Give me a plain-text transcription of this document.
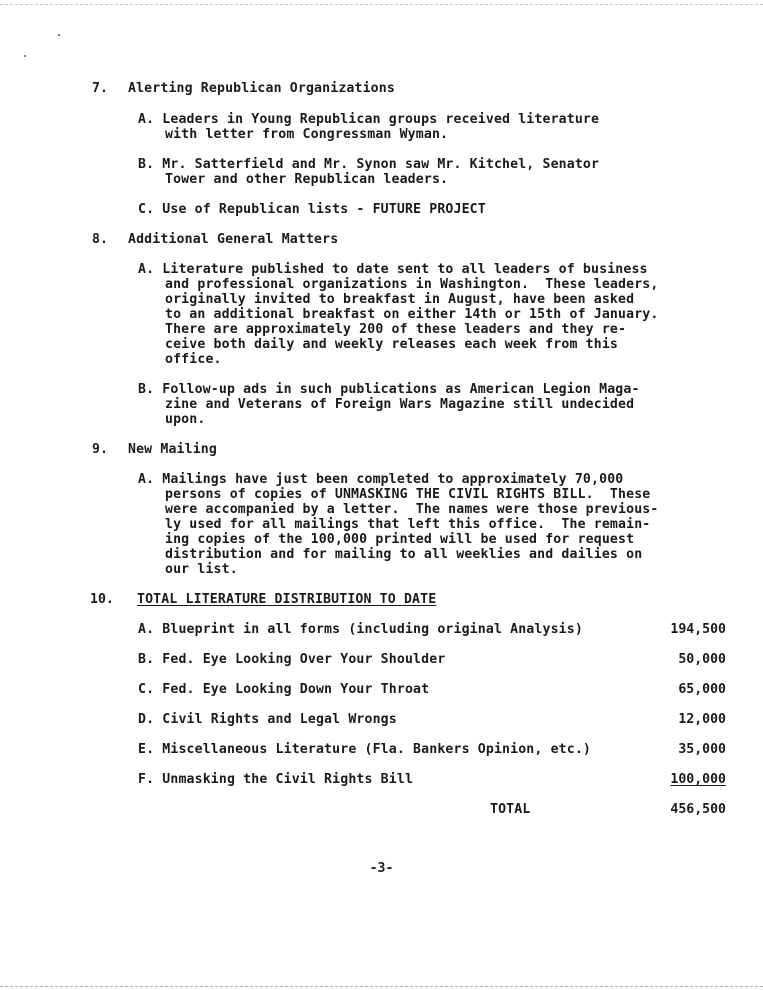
7. Alerting Republican Organizations
A. Leaders in Young Republican groups received literature
with letter from Congressman Wyman.
B. Mr. Satterfield and Mr. Synon saw Mr. Kitchel, Senator
Tower and other Republican leaders.
C. Use of Republican lists - FUTURE PROJECT
8. Additional General Matters
A. Literature published to date sent to all leaders of business
and professional organizations in Washington.  These leaders,
originally invited to breakfast in August, have been asked
to an additional breakfast on either 14th or 15th of January.
There are approximately 200 of these leaders and they re-
ceive both daily and weekly releases each week from this
office.
B. Follow-up ads in such publications as American Legion Maga-
zine and Veterans of Foreign Wars Magazine still undecided
upon.
9. New Mailing
A. Mailings have just been completed to approximately 70,000
persons of copies of UNMASKING THE CIVIL RIGHTS BILL.  These
were accompanied by a letter.  The names were those previous-
ly used for all mailings that left this office.  The remain-
ing copies of the 100,000 printed will be used for request
distribution and for mailing to all weeklies and dailies on
our list.
10. TOTAL LITERATURE DISTRIBUTION TO DATE
A. Blueprint in all forms (including original Analysis)	194,500
B. Fed. Eye Looking Over Your Shoulder	50,000
C. Fed. Eye Looking Down Your Throat	65,000
D. Civil Rights and Legal Wrongs	12,000
E. Miscellaneous Literature (Fla. Bankers Opinion, etc.)	35,000
F. Unmasking the Civil Rights Bill	100,000
TOTAL	456,500
-3-
